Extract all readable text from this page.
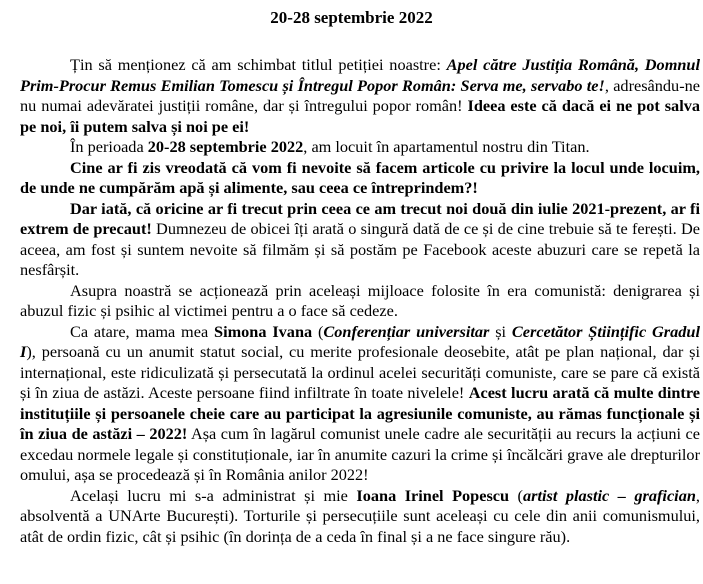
20-28 septembrie 2022

Țin să menționez că am schimbat titlul petiției noastre: Apel către Justiția Română, Domnul Prim-Procur Remus Emilian Tomescu și Întregul Popor Român: Serva me, servabo te!, adresându-ne nu numai adevăratei justiții române, dar și întregului popor român! Ideea este că dacă ei ne pot salva pe noi, îi putem salva și noi pe ei!

În perioada 20-28 septembrie 2022, am locuit în apartamentul nostru din Titan.

Cine ar fi zis vreodată că vom fi nevoite să facem articole cu privire la locul unde locuim, de unde ne cumpărăm apă și alimente, sau ceea ce întreprindem?!

Dar iată, că oricine ar fi trecut prin ceea ce am trecut noi două din iulie 2021-prezent, ar fi extrem de precaut! Dumnezeu de obicei îți arată o singură dată de ce și de cine trebuie să te ferești. De aceea, am fost și suntem nevoite să filmăm și să postăm pe Facebook aceste abuzuri care se repetă la nesfârșit.

Asupra noastră se acționează prin aceleași mijloace folosite în era comunistă: denigrarea și abuzul fizic și psihic al victimei pentru a o face să cedeze.

Ca atare, mama mea Simona Ivana (Conferențiar universitar și Cercetător Științific Gradul I), persoană cu un anumit statut social, cu merite profesionale deosebite, atât pe plan național, dar și internațional, este ridiculizată și persecutată la ordinul acelei securități comuniste, care se pare că există și în ziua de astăzi. Aceste persoane fiind infiltrate în toate nivelele! Acest lucru arată că multe dintre instituțiile și persoanele cheie care au participat la agresiunile comuniste, au rămas funcționale și în ziua de astăzi – 2022! Așa cum în lagărul comunist unele cadre ale securității au recurs la acțiuni ce excedau normele legale și constituționale, iar în anumite cazuri la crime și încălcări grave ale drepturilor omului, așa se procedează și în România anilor 2022!

Același lucru mi s-a administrat și mie Ioana Irinel Popescu (artist plastic – grafician, absolventă a UNArte București). Torturile și persecuțiile sunt aceleași cu cele din anii comunismului, atât de ordin fizic, cât și psihic (în dorința de a ceda în final și a ne face singure rău).
